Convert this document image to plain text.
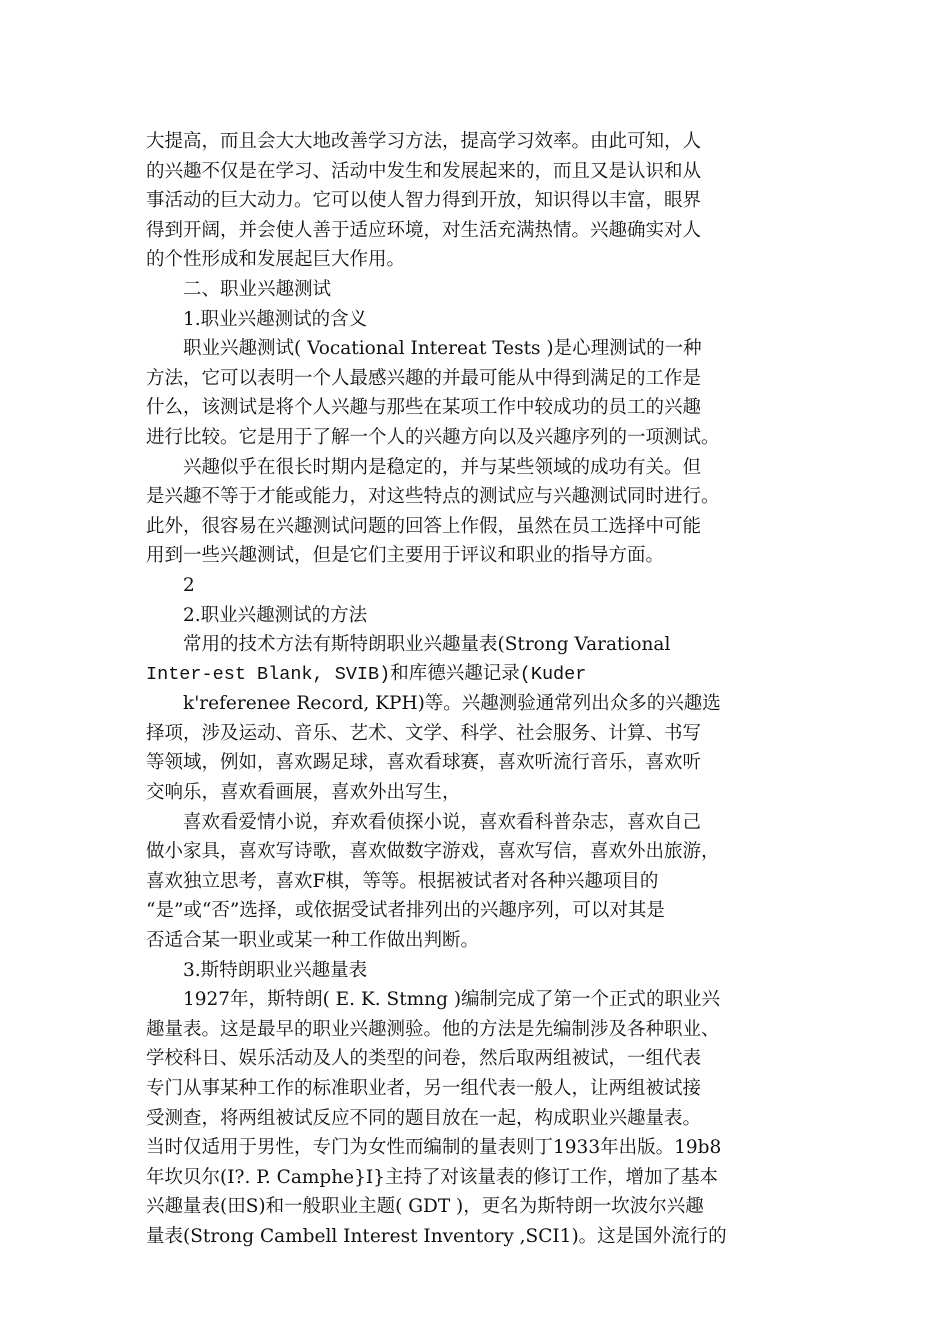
大提高，而且会大大地改善学习方法，提高学习效率。由此可知，人

的兴趣不仅是在学习、活动中发生和发展起来的，而且又是认识和从

事活动的巨大动力。它可以使人智力得到开放，知识得以丰富，眼界

得到开阔，并会使人善于适应环境，对生活充满热情。兴趣确实对人

的个性形成和发展起巨大作用。

二、职业兴趣测试

1.职业兴趣测试的含义

职业兴趣测试( Vocational Intereat Tests )是心理测试的一种

方法，它可以表明一个人最感兴趣的并最可能从中得到满足的工作是

什么，该测试是将个人兴趣与那些在某项工作中较成功的员工的兴趣

进行比较。它是用于了解一个人的兴趣方向以及兴趣序列的一项测试。

兴趣似乎在很长时期内是稳定的，并与某些领域的成功有关。但

是兴趣不等于才能或能力，对这些特点的测试应与兴趣测试同时进行。

此外，很容易在兴趣测试问题的回答上作假，虽然在员工选择中可能

用到一些兴趣测试，但是它们主要用于评议和职业的指导方面。

2

2.职业兴趣测试的方法

常用的技术方法有斯特朗职业兴趣量表(Strong Varational

Inter-est Blank, SVIB)和库德兴趣记录(Kuder

k'referenee Record, KPH)等。兴趣测验通常列出众多的兴趣选

择项，涉及运动、音乐、艺术、文学、科学、社会服务、计算、书写

等领域，例如，喜欢踢足球，喜欢看球赛，喜欢听流行音乐，喜欢听

交响乐，喜欢看画展，喜欢外出写生，

喜欢看爱情小说，弃欢看侦探小说，喜欢看科普杂志，喜欢自己

做小家具，喜欢写诗歌，喜欢做数字游戏，喜欢写信，喜欢外出旅游，

喜欢独立思考，喜欢F棋，等等。根据被试者对各种兴趣项目的

“是”或“否”选择，或依据受试者排列出的兴趣序列，可以对其是

否适合某一职业或某一种工作做出判断。

3.斯特朗职业兴趣量表

1927年，斯特朗( E. K. Stmng )编制完成了第一个正式的职业兴

趣量表。这是最早的职业兴趣测验。他的方法是先编制涉及各种职业、

学校科日、娱乐活动及人的类型的问卷，然后取两组被试，一组代表

专门从事某种工作的标准职业者，另一组代表一般人，让两组被试接

受测查，将两组被试反应不同的题目放在一起，构成职业兴趣量表。

当时仅适用于男性，专门为女性而编制的量表则丁1933年出版。19b8

年坎贝尔(I?. P. Camphe}I}主持了对该量表的修订工作，增加了基本

兴趣量表(田S)和一般职业主题( GDT )，更名为斯特朗一坎波尔兴趣

量表(Strong Cambell Interest Inventory ,SCI1)。这是国外流行的
